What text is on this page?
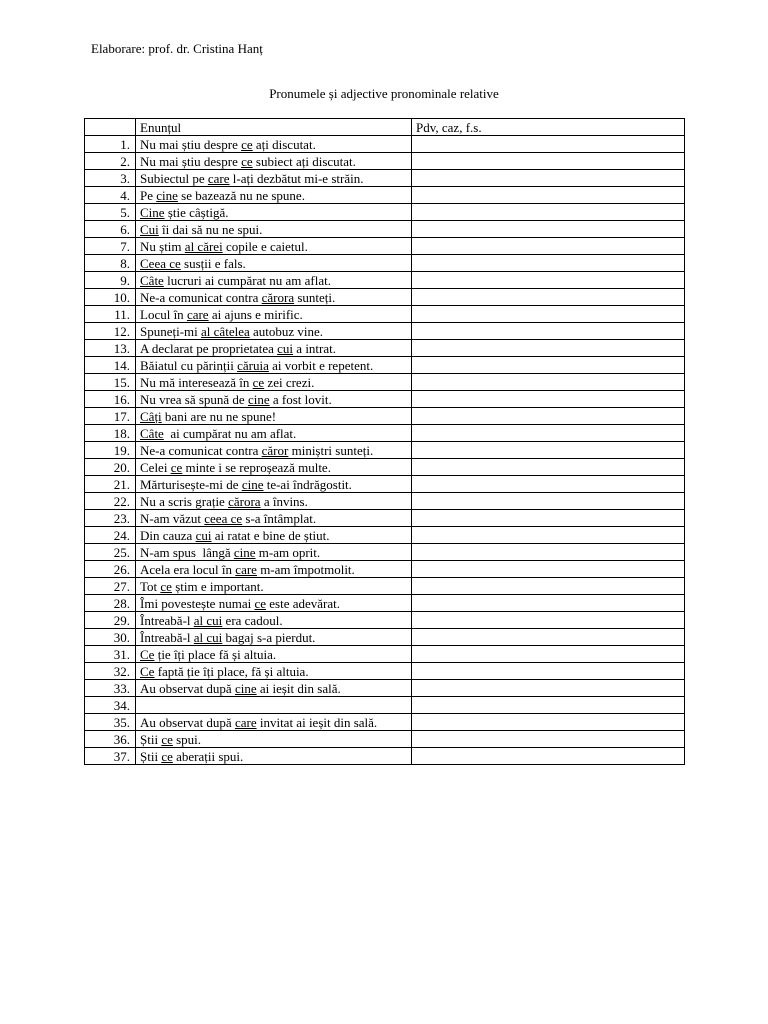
Elaborare: prof. dr. Cristina Hanț
Pronumele și adjective pronominale relative
	Enunțul	Pdv, caz, f.s.
1.	Nu mai știu despre ce ați discutat.	
2.	Nu mai știu despre ce subiect ați discutat.	
3.	Subiectul pe care l-ați dezbătut mi-e străin.	
4.	Pe cine se bazează nu ne spune.	
5.	Cine știe câștigă.	
6.	Cui îi dai să nu ne spui.	
7.	Nu știm al cărei copile e caietul.	
8.	Ceea ce susții e fals.	
9.	Câte lucruri ai cumpărat nu am aflat.	
10.	Ne-a comunicat contra cărora sunteți.	
11.	Locul în care ai ajuns e mirific.	
12.	Spuneți-mi al câtelea autobuz vine.	
13.	A declarat pe proprietatea cui a intrat.	
14.	Băiatul cu părinții căruia ai vorbit e repetent.	
15.	Nu mă interesează în ce zei crezi.	
16.	Nu vrea să spună de cine a fost lovit.	
17.	Câți bani are nu ne spune!	
18.	Câte  ai cumpărat nu am aflat.	
19.	Ne-a comunicat contra căror miniștri sunteți.	
20.	Celei ce minte i se reproșează multe.	
21.	Mărturisește-mi de cine te-ai îndrăgostit.	
22.	Nu a scris grație cărora a învins.	
23.	N-am văzut ceea ce s-a întâmplat.	
24.	Din cauza cui ai ratat e bine de știut.	
25.	N-am spus  lângă cine m-am oprit.	
26.	Acela era locul în care m-am împotmolit.	
27.	Tot ce știm e important.	
28.	Îmi povestește numai ce este adevărat.	
29.	Întreabă-l al cui era cadoul.	
30.	Întreabă-l al cui bagaj s-a pierdut.	
31.	Ce ție îți place fă și altuia.	
32.	Ce faptă ție îți place, fă și altuia.	
33.	Au observat după cine ai ieșit din sală.	
34.		
35.	Au observat după care invitat ai ieșit din sală.	
36.	Știi ce spui.	
37.	Știi ce aberații spui.	
